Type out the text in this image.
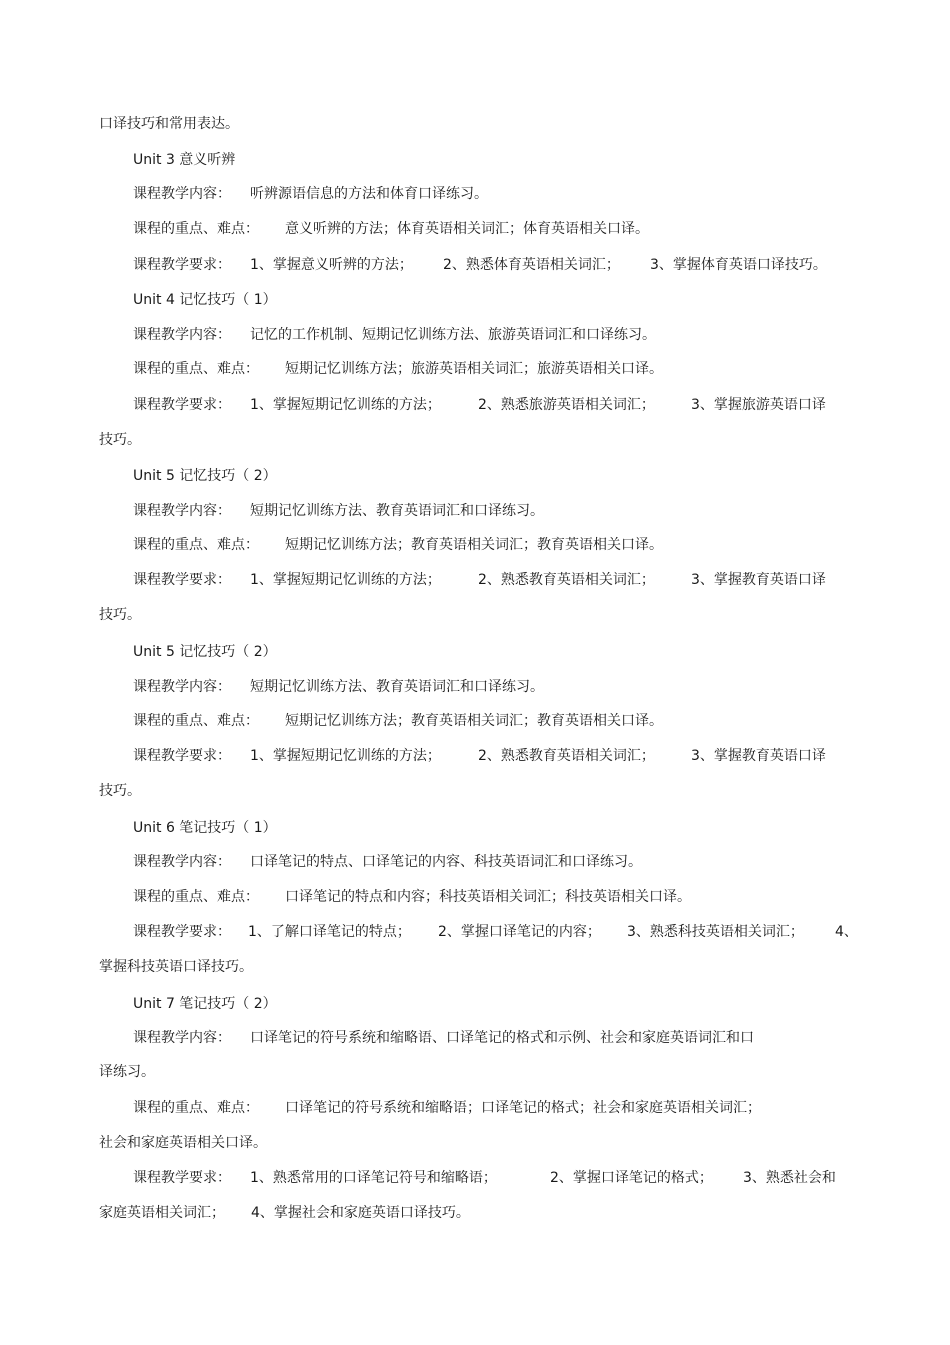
口译技巧和常用表达。
Unit 3 意义听辨
课程教学内容： 听辨源语信息的方法和体育口译练习。
课程的重点、难点： 意义听辨的方法；体育英语相关词汇；体育英语相关口译。
课程教学要求： 1、掌握意义听辨的方法； 2、熟悉体育英语相关词汇； 3、掌握体育英语口译技巧。
Unit 4 记忆技巧（ 1）
课程教学内容： 记忆的工作机制、短期记忆训练方法、旅游英语词汇和口译练习。
课程的重点、难点： 短期记忆训练方法；旅游英语相关词汇；旅游英语相关口译。
课程教学要求： 1、掌握短期记忆训练的方法；	2、熟悉旅游英语相关词汇；	3、掌握旅游英语口译
技巧。
Unit 5 记忆技巧（ 2）
课程教学内容： 短期记忆训练方法、教育英语词汇和口译练习。
课程的重点、难点： 短期记忆训练方法；教育英语相关词汇；教育英语相关口译。
课程教学要求： 1、掌握短期记忆训练的方法；	2、熟悉教育英语相关词汇；	3、掌握教育英语口译
技巧。
Unit 5 记忆技巧（ 2）
课程教学内容： 短期记忆训练方法、教育英语词汇和口译练习。
课程的重点、难点： 短期记忆训练方法；教育英语相关词汇；教育英语相关口译。
课程教学要求： 1、掌握短期记忆训练的方法；	2、熟悉教育英语相关词汇；	3、掌握教育英语口译
技巧。
Unit 6 笔记技巧（ 1）
课程教学内容： 口译笔记的特点、口译笔记的内容、科技英语词汇和口译练习。
课程的重点、难点： 口译笔记的特点和内容；科技英语相关词汇；科技英语相关口译。
课程教学要求： 1、了解口译笔记的特点； 2、掌握口译笔记的内容； 3、熟悉科技英语相关词汇； 4、
掌握科技英语口译技巧。
Unit 7 笔记技巧（ 2）
课程教学内容： 口译笔记的符号系统和缩略语、口译笔记的格式和示例、社会和家庭英语词汇和口
译练习。
课程的重点、难点： 口译笔记的符号系统和缩略语；口译笔记的格式；社会和家庭英语相关词汇；
社会和家庭英语相关口译。
课程教学要求： 1、熟悉常用的口译笔记符号和缩略语；	2、掌握口译笔记的格式； 3、熟悉社会和
家庭英语相关词汇； 4、掌握社会和家庭英语口译技巧。
